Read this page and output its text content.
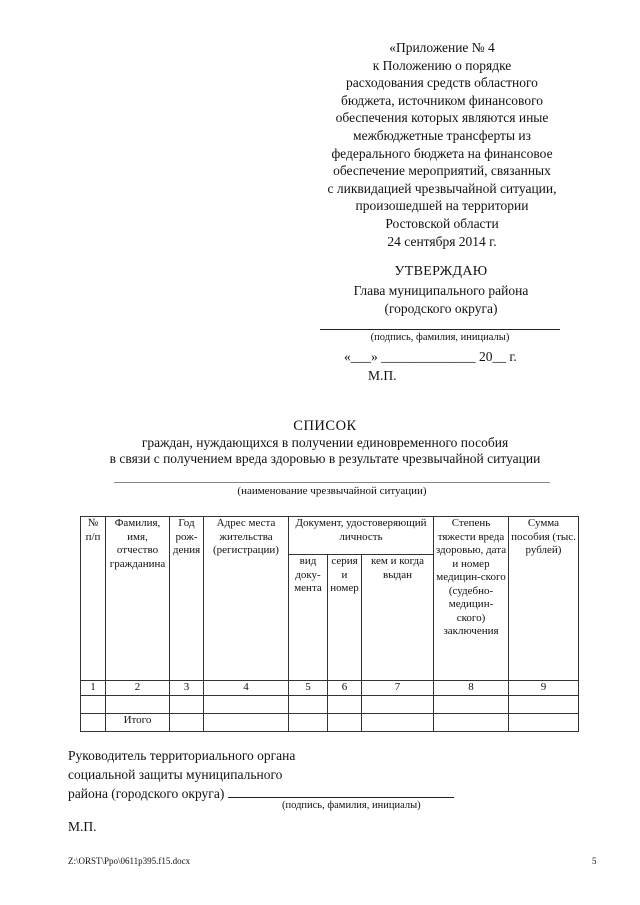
«Приложение № 4
к Положению о порядке
расходования средств областного
бюджета, источником финансового
обеспечения которых являются иные
межбюджетные трансферты из
федерального бюджета на финансовое
обеспечение мероприятий, связанных
с ликвидацией чрезвычайной ситуации,
произошедшей на территории
Ростовской области
24 сентября 2014 г.
УТВЕРЖДАЮ
Глава муниципального района
(городского округа)
(подпись, фамилия, инициалы)
«___» ______________ 20__ г.
М.П.
СПИСОК
граждан, нуждающихся в получении единовременного пособия
в связи с получением вреда здоровью в результате чрезвычайной ситуации
(наименование чрезвычайной ситуации)
№ п/п	Фамилия, имя, отчество гражданина	Год рож-дения	Адрес места жительства (регистрации)	Документ, удостоверяющий личность			Степень тяжести вреда здоровью, дата и номер медицин-ского (судебно-медицин-ского) заключения	Сумма пособия (тыс. рублей)
				вид доку-мента	серия и номер	кем и когда выдан		
1	2	3	4	5	6	7	8	9

	Итого							
Руководитель территориального органа
социальной защиты муниципального
района (городского округа)
(подпись, фамилия, инициалы)
М.П.
Z:\ORST\Ppo\0611p395.f15.docx	5
